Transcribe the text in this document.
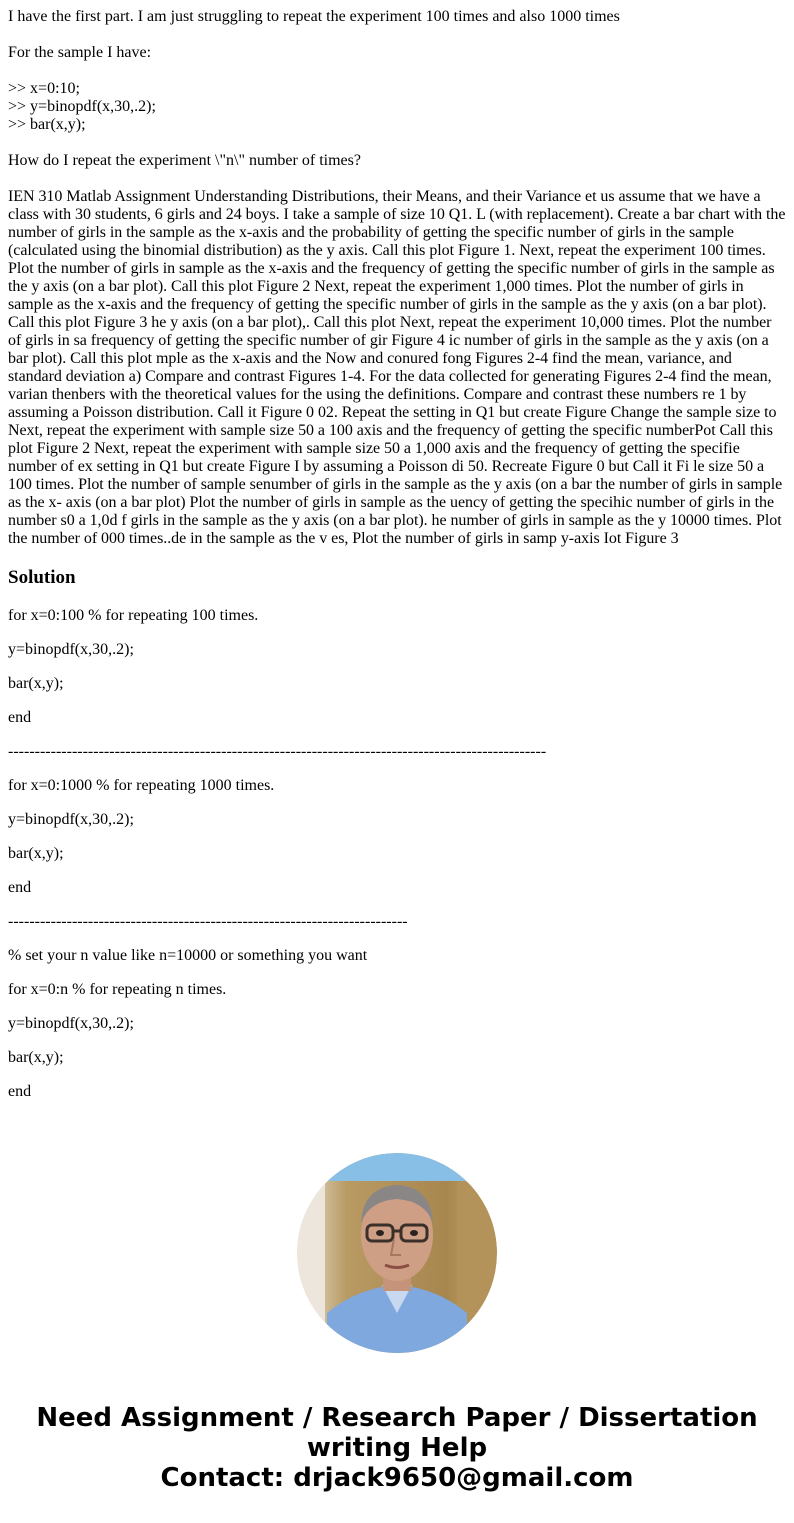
I have the first part. I am just struggling to repeat the experiment 100 times and also 1000 times

For the sample I have:

>> x=0:10;
>> y=binopdf(x,30,.2);
>> bar(x,y);

How do I repeat the experiment \"n\" number of times?

IEN 310 Matlab Assignment Understanding Distributions, their Means, and their Variance et us assume that we have a class with 30 students, 6 girls and 24 boys. I take a sample of size 10 Q1. L (with replacement). Create a bar chart with the number of girls in the sample as the x-axis and the probability of getting the specific number of girls in the sample (calculated using the binomial distribution) as the y axis. Call this plot Figure 1. Next, repeat the experiment 100 times. Plot the number of girls in sample as the x-axis and the frequency of getting the specific number of girls in the sample as the y axis (on a bar plot). Call this plot Figure 2 Next, repeat the experiment 1,000 times. Plot the number of girls in sample as the x-axis and the frequency of getting the specific number of girls in the sample as the y axis (on a bar plot). Call this plot Figure 3 he y axis (on a bar plot),. Call this plot Next, repeat the experiment 10,000 times. Plot the number of girls in sa frequency of getting the specific number of gir Figure 4 ic number of girls in the sample as the y axis (on a bar plot). Call this plot mple as the x-axis and the Now and conured fong Figures 2-4 find the mean, variance, and standard deviation a) Compare and contrast Figures 1-4. For the data collected for generating Figures 2-4 find the mean, varian thenbers with the theoretical values for the using the definitions. Compare and contrast these numbers re 1 by assuming a Poisson distribution. Call it Figure 0 02. Repeat the setting in Q1 but create Figure Change the sample size to Next, repeat the experiment with sample size 50 a 100 axis and the frequency of getting the specific numberPot Call this plot Figure 2 Next, repeat the experiment with sample size 50 a 1,000 axis and the frequency of getting the specifie number of ex setting in Q1 but create Figure I by assuming a Poisson di 50. Recreate Figure 0 but Call it Fi le size 50 a 100 times. Plot the number of sample senumber of girls in the sample as the y axis (on a bar the number of girls in sample as the x- axis (on a bar plot) Plot the number of girls in sample as the uency of getting the specihic number of girls in the number s0 a 1,0d f girls in the sample as the y axis (on a bar plot). he number of girls in sample as the y 10000 times. Plot the number of 000 times..de in the sample as the v es, Plot the number of girls in samp y-axis Iot Figure 3

Solution

for x=0:100 % for repeating 100 times.

y=binopdf(x,30,.2);

bar(x,y);

end

-----------------------------------------------------------------------------------------------------

for x=0:1000 % for repeating 1000 times.

y=binopdf(x,30,.2);

bar(x,y);

end

---------------------------------------------------------------------------

% set your n value like n=10000 or something you want

for x=0:n % for repeating n times.

y=binopdf(x,30,.2);

bar(x,y);

end

Need Assignment / Research Paper / Dissertation
writing Help
Contact: drjack9650@gmail.com
